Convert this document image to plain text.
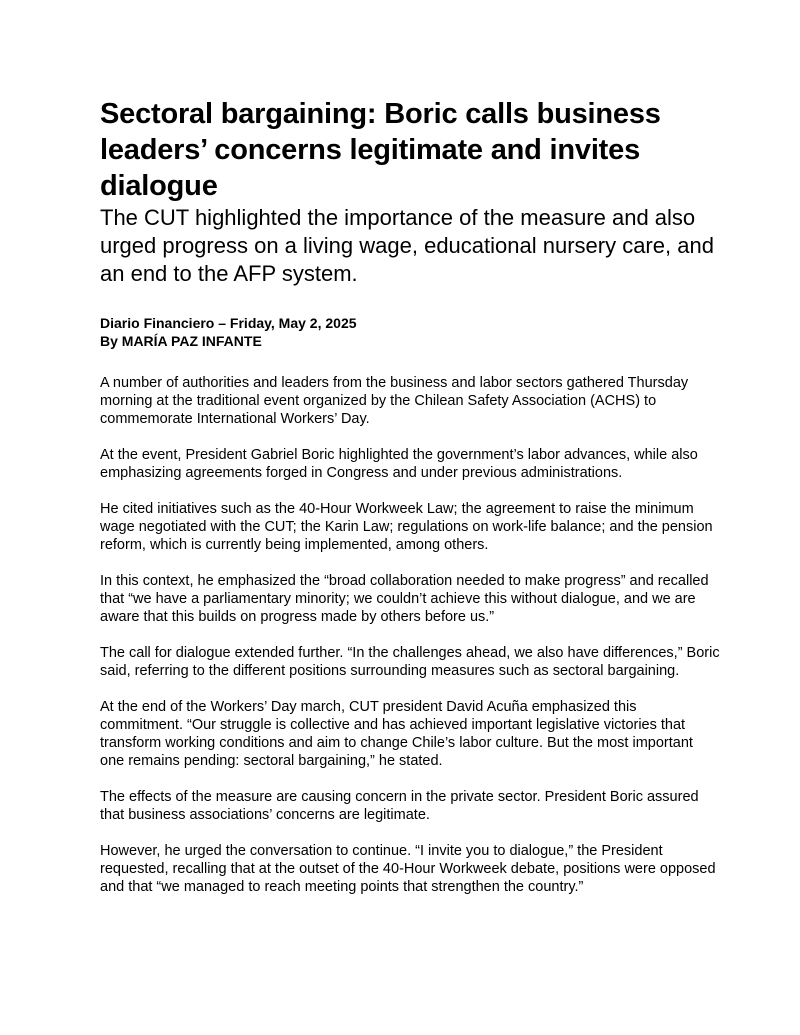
Sectoral bargaining: Boric calls business leaders’ concerns legitimate and invites dialogue
The CUT highlighted the importance of the measure and also urged progress on a living wage, educational nursery care, and an end to the AFP system.
Diario Financiero – Friday, May 2, 2025
By MARÍA PAZ INFANTE

A number of authorities and leaders from the business and labor sectors gathered Thursday morning at the traditional event organized by the Chilean Safety Association (ACHS) to commemorate International Workers’ Day.

At the event, President Gabriel Boric highlighted the government’s labor advances, while also emphasizing agreements forged in Congress and under previous administrations.

He cited initiatives such as the 40-Hour Workweek Law; the agreement to raise the minimum wage negotiated with the CUT; the Karin Law; regulations on work-life balance; and the pension reform, which is currently being implemented, among others.

In this context, he emphasized the “broad collaboration needed to make progress” and recalled that “we have a parliamentary minority; we couldn’t achieve this without dialogue, and we are aware that this builds on progress made by others before us.”

The call for dialogue extended further. “In the challenges ahead, we also have differences,” Boric said, referring to the different positions surrounding measures such as sectoral bargaining.

At the end of the Workers’ Day march, CUT president David Acuña emphasized this commitment. “Our struggle is collective and has achieved important legislative victories that transform working conditions and aim to change Chile’s labor culture. But the most important one remains pending: sectoral bargaining,” he stated.

The effects of the measure are causing concern in the private sector. President Boric assured that business associations’ concerns are legitimate.

However, he urged the conversation to continue. “I invite you to dialogue,” the President requested, recalling that at the outset of the 40-Hour Workweek debate, positions were opposed and that “we managed to reach meeting points that strengthen the country.”
